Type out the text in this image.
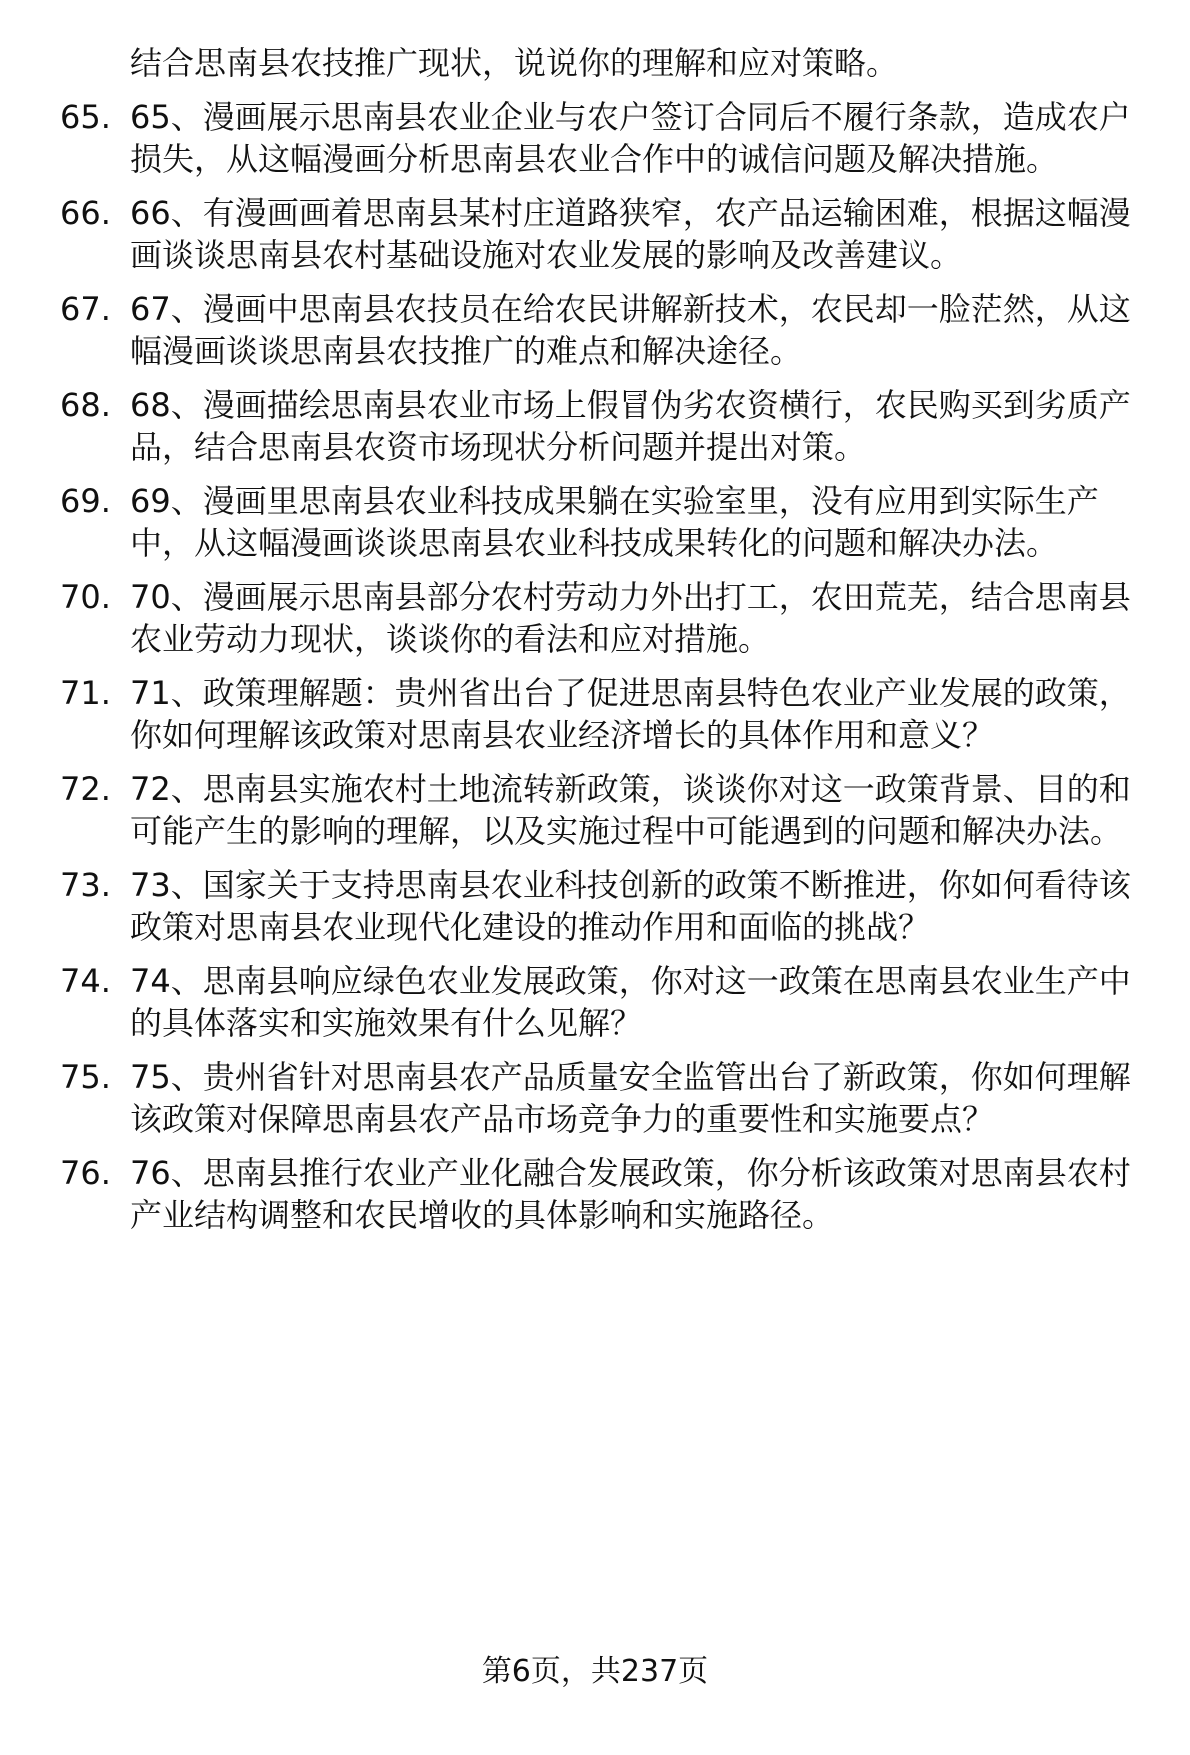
结合思南县农技推广现状，说说你的理解和应对策略。
65. 65、漫画展示思南县农业企业与农户签订合同后不履行条款，造成农户损失，从这幅漫画分析思南县农业合作中的诚信问题及解决措施。
66. 66、有漫画画着思南县某村庄道路狭窄，农产品运输困难，根据这幅漫画谈谈思南县农村基础设施对农业发展的影响及改善建议。
67. 67、漫画中思南县农技员在给农民讲解新技术，农民却一脸茫然，从这幅漫画谈谈思南县农技推广的难点和解决途径。
68. 68、漫画描绘思南县农业市场上假冒伪劣农资横行，农民购买到劣质产品，结合思南县农资市场现状分析问题并提出对策。
69. 69、漫画里思南县农业科技成果躺在实验室里，没有应用到实际生产中，从这幅漫画谈谈思南县农业科技成果转化的问题和解决办法。
70. 70、漫画展示思南县部分农村劳动力外出打工，农田荒芜，结合思南县农业劳动力现状，谈谈你的看法和应对措施。
71. 71、政策理解题：贵州省出台了促进思南县特色农业产业发展的政策，你如何理解该政策对思南县农业经济增长的具体作用和意义？
72. 72、思南县实施农村土地流转新政策，谈谈你对这一政策背景、目的和可能产生的影响的理解，以及实施过程中可能遇到的问题和解决办法。
73. 73、国家关于支持思南县农业科技创新的政策不断推进，你如何看待该政策对思南县农业现代化建设的推动作用和面临的挑战？
74. 74、思南县响应绿色农业发展政策，你对这一政策在思南县农业生产中的具体落实和实施效果有什么见解？
75. 75、贵州省针对思南县农产品质量安全监管出台了新政策，你如何理解该政策对保障思南县农产品市场竞争力的重要性和实施要点？
76. 76、思南县推行农业产业化融合发展政策，你分析该政策对思南县农村产业结构调整和农民增收的具体影响和实施路径。
第6页，共237页
